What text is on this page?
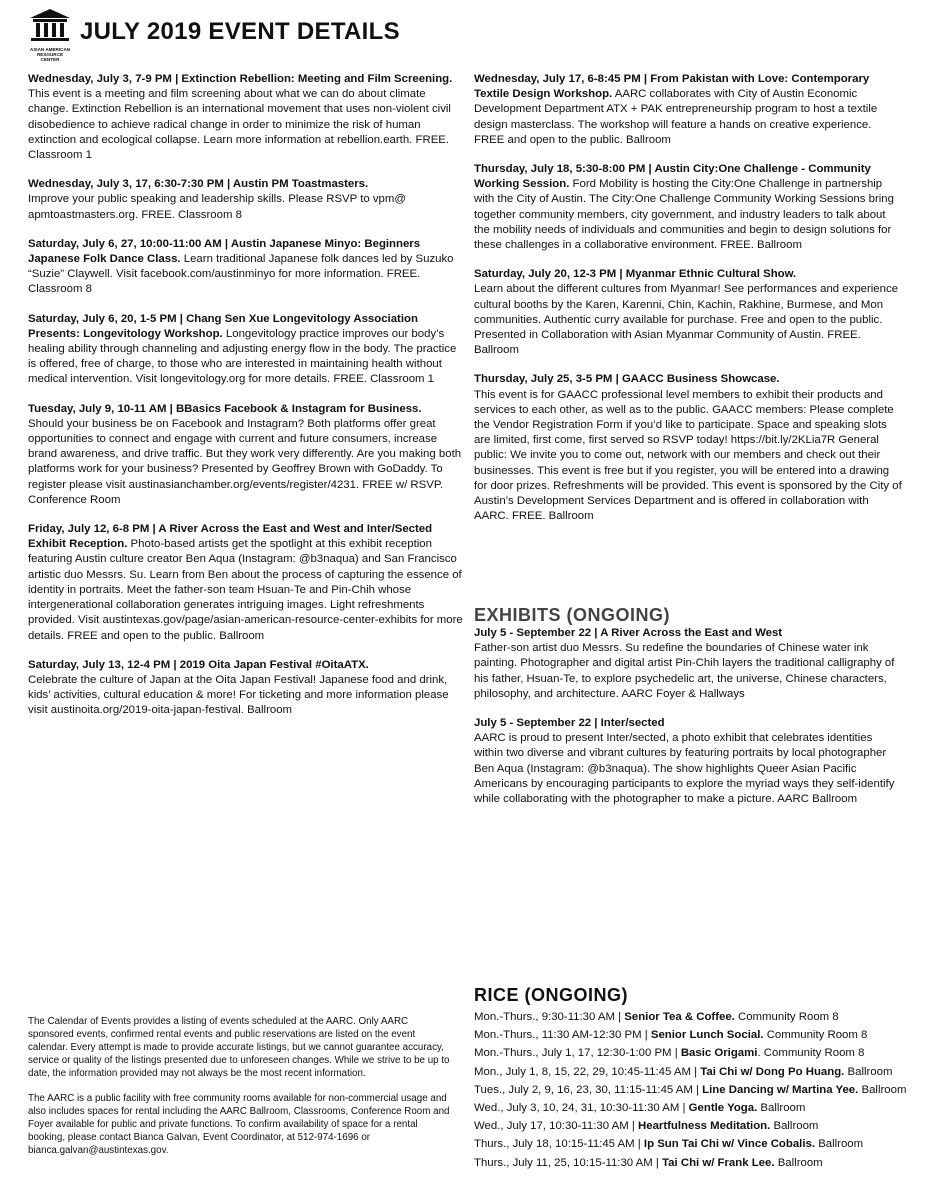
ASIAN AMERICAN RESOURCE CENTER
JULY 2019 EVENT DETAILS
Wednesday, July 3, 7-9 PM | Extinction Rebellion: Meeting and Film Screening.
This event is a meeting and film screening about what we can do about climate change. Extinction Rebellion is an international movement that uses non-violent civil disobedience to achieve radical change in order to minimize the risk of human extinction and ecological collapse. Learn more information at rebellion.earth. FREE. Classroom 1
Wednesday, July 3, 17, 6:30-7:30 PM | Austin PM Toastmasters.
Improve your public speaking and leadership skills. Please RSVP to vpm@ apmtoastmasters.org. FREE. Classroom 8
Saturday, July 6, 27, 10:00-11:00 AM | Austin Japanese Minyo: Beginners Japanese Folk Dance Class. Learn traditional Japanese folk dances led by Suzuko “Suzie” Claywell. Visit facebook.com/austinminyo for more information. FREE. Classroom 8
Saturday, July 6, 20, 1-5 PM | Chang Sen Xue Longevitology Association Presents: Longevitology Workshop. Longevitology practice improves our body’s healing ability through channeling and adjusting energy flow in the body. The practice is offered, free of charge, to those who are interested in maintaining health without medical intervention. Visit longevitology.org for more details. FREE. Classroom 1
Tuesday, July 9, 10-11 AM | BBasics Facebook & Instagram for Business.
Should your business be on Facebook and Instagram? Both platforms offer great opportunities to connect and engage with current and future consumers, increase brand awareness, and drive traffic. But they work very differently. Are you making both platforms work for your business? Presented by Geoffrey Brown with GoDaddy. To register please visit austinasianchamber.org/events/register/4231. FREE w/ RSVP. Conference Room
Friday, July 12, 6-8 PM | A River Across the East and West and Inter/Sected Exhibit Reception. Photo-based artists get the spotlight at this exhibit reception featuring Austin culture creator Ben Aqua (Instagram: @b3naqua) and San Francisco artistic duo Messrs. Su. Learn from Ben about the process of capturing the essence of identity in portraits. Meet the father-son team Hsuan-Te and Pin-Chih whose intergenerational collaboration generates intriguing images. Light refreshments provided. Visit austintexas.gov/page/asian-american-resource-center-exhibits for more details. FREE and open to the public. Ballroom
Saturday, July 13, 12-4 PM | 2019 Oita Japan Festival #OitaATX.
Celebrate the culture of Japan at the Oita Japan Festival! Japanese food and drink, kids’ activities, cultural education & more! For ticketing and more information please visit austinoita.org/2019-oita-japan-festival. Ballroom
Wednesday, July 17, 6-8:45 PM | From Pakistan with Love: Contemporary Textile Design Workshop. AARC collaborates with City of Austin Economic Development Department ATX + PAK entrepreneurship program to host a textile design masterclass. The workshop will feature a hands on creative experience. FREE and open to the public. Ballroom
Thursday, July 18, 5:30-8:00 PM | Austin City:One Challenge - Community Working Session. Ford Mobility is hosting the City:One Challenge in partnership with the City of Austin. The City:One Challenge Community Working Sessions bring together community members, city government, and industry leaders to talk about the mobility needs of individuals and communities and begin to design solutions for these challenges in a collaborative environment. FREE. Ballroom
Saturday, July 20, 12-3 PM | Myanmar Ethnic Cultural Show.
Learn about the different cultures from Myanmar! See performances and experience cultural booths by the Karen, Karenni, Chin, Kachin, Rakhine, Burmese, and Mon communities. Authentic curry available for purchase. Free and open to the public. Presented in Collaboration with Asian Myanmar Community of Austin. FREE. Ballroom
Thursday, July 25, 3-5 PM | GAACC Business Showcase.
This event is for GAACC professional level members to exhibit their products and services to each other, as well as to the public. GAACC members: Please complete the Vendor Registration Form if you’d like to participate. Space and speaking slots are limited, first come, first served so RSVP today! https://bit.ly/2KLia7R General public: We invite you to come out, network with our members and check out their businesses. This event is free but if you register, you will be entered into a drawing for door prizes. Refreshments will be provided. This event is sponsored by the City of Austin’s Development Services Department and is offered in collaboration with AARC. FREE. Ballroom
EXHIBITS (ONGOING)
July 5 - September 22 | A River Across the East and West
Father-son artist duo Messrs. Su redefine the boundaries of Chinese water ink painting. Photographer and digital artist Pin-Chih layers the traditional calligraphy of his father, Hsuan-Te, to explore psychedelic art, the universe, Chinese characters, philosophy, and architecture. AARC Foyer & Hallways
July 5 - September 22 | Inter/sected
AARC is proud to present Inter/sected, a photo exhibit that celebrates identities within two diverse and vibrant cultures by featuring portraits by local photographer Ben Aqua (Instagram: @b3naqua). The show highlights Queer Asian Pacific Americans by encouraging participants to explore the myriad ways they self-identify while collaborating with the photographer to make a picture. AARC Ballroom
RICE (ONGOING)
Mon.-Thurs., 9:30-11:30 AM | Senior Tea & Coffee. Community Room 8
Mon.-Thurs., 11:30 AM-12:30 PM | Senior Lunch Social. Community Room 8
Mon.-Thurs., July 1, 17, 12:30-1:00 PM | Basic Origami. Community Room 8
Mon., July 1, 8, 15, 22, 29, 10:45-11:45 AM | Tai Chi w/ Dong Po Huang. Ballroom
Tues., July 2, 9, 16, 23, 30, 11:15-11:45 AM | Line Dancing w/ Martina Yee. Ballroom
Wed., July 3, 10, 24, 31, 10:30-11:30 AM | Gentle Yoga. Ballroom
Wed., July 17, 10:30-11:30 AM | Heartfulness Meditation. Ballroom
Thurs., July 18, 10:15-11:45 AM | Ip Sun Tai Chi w/ Vince Cobalis. Ballroom
Thurs., July 11, 25, 10:15-11:30 AM | Tai Chi w/ Frank Lee. Ballroom

The Calendar of Events provides a listing of events scheduled at the AARC. Only AARC sponsored events, confirmed rental events and public reservations are listed on the event calendar. Every attempt is made to provide accurate listings, but we cannot guarantee accuracy, service or quality of the listings presented due to unforeseen changes. While we strive to be up to date, the information provided may not always be the most recent information.

The AARC is a public facility with free community rooms available for non-commercial usage and also includes spaces for rental including the AARC Ballroom, Classrooms, Conference Room and Foyer available for public and private functions. To confirm availability of space for a rental booking, please contact Bianca Galvan, Event Coordinator, at 512-974-1696 or bianca.galvan@austintexas.gov.
